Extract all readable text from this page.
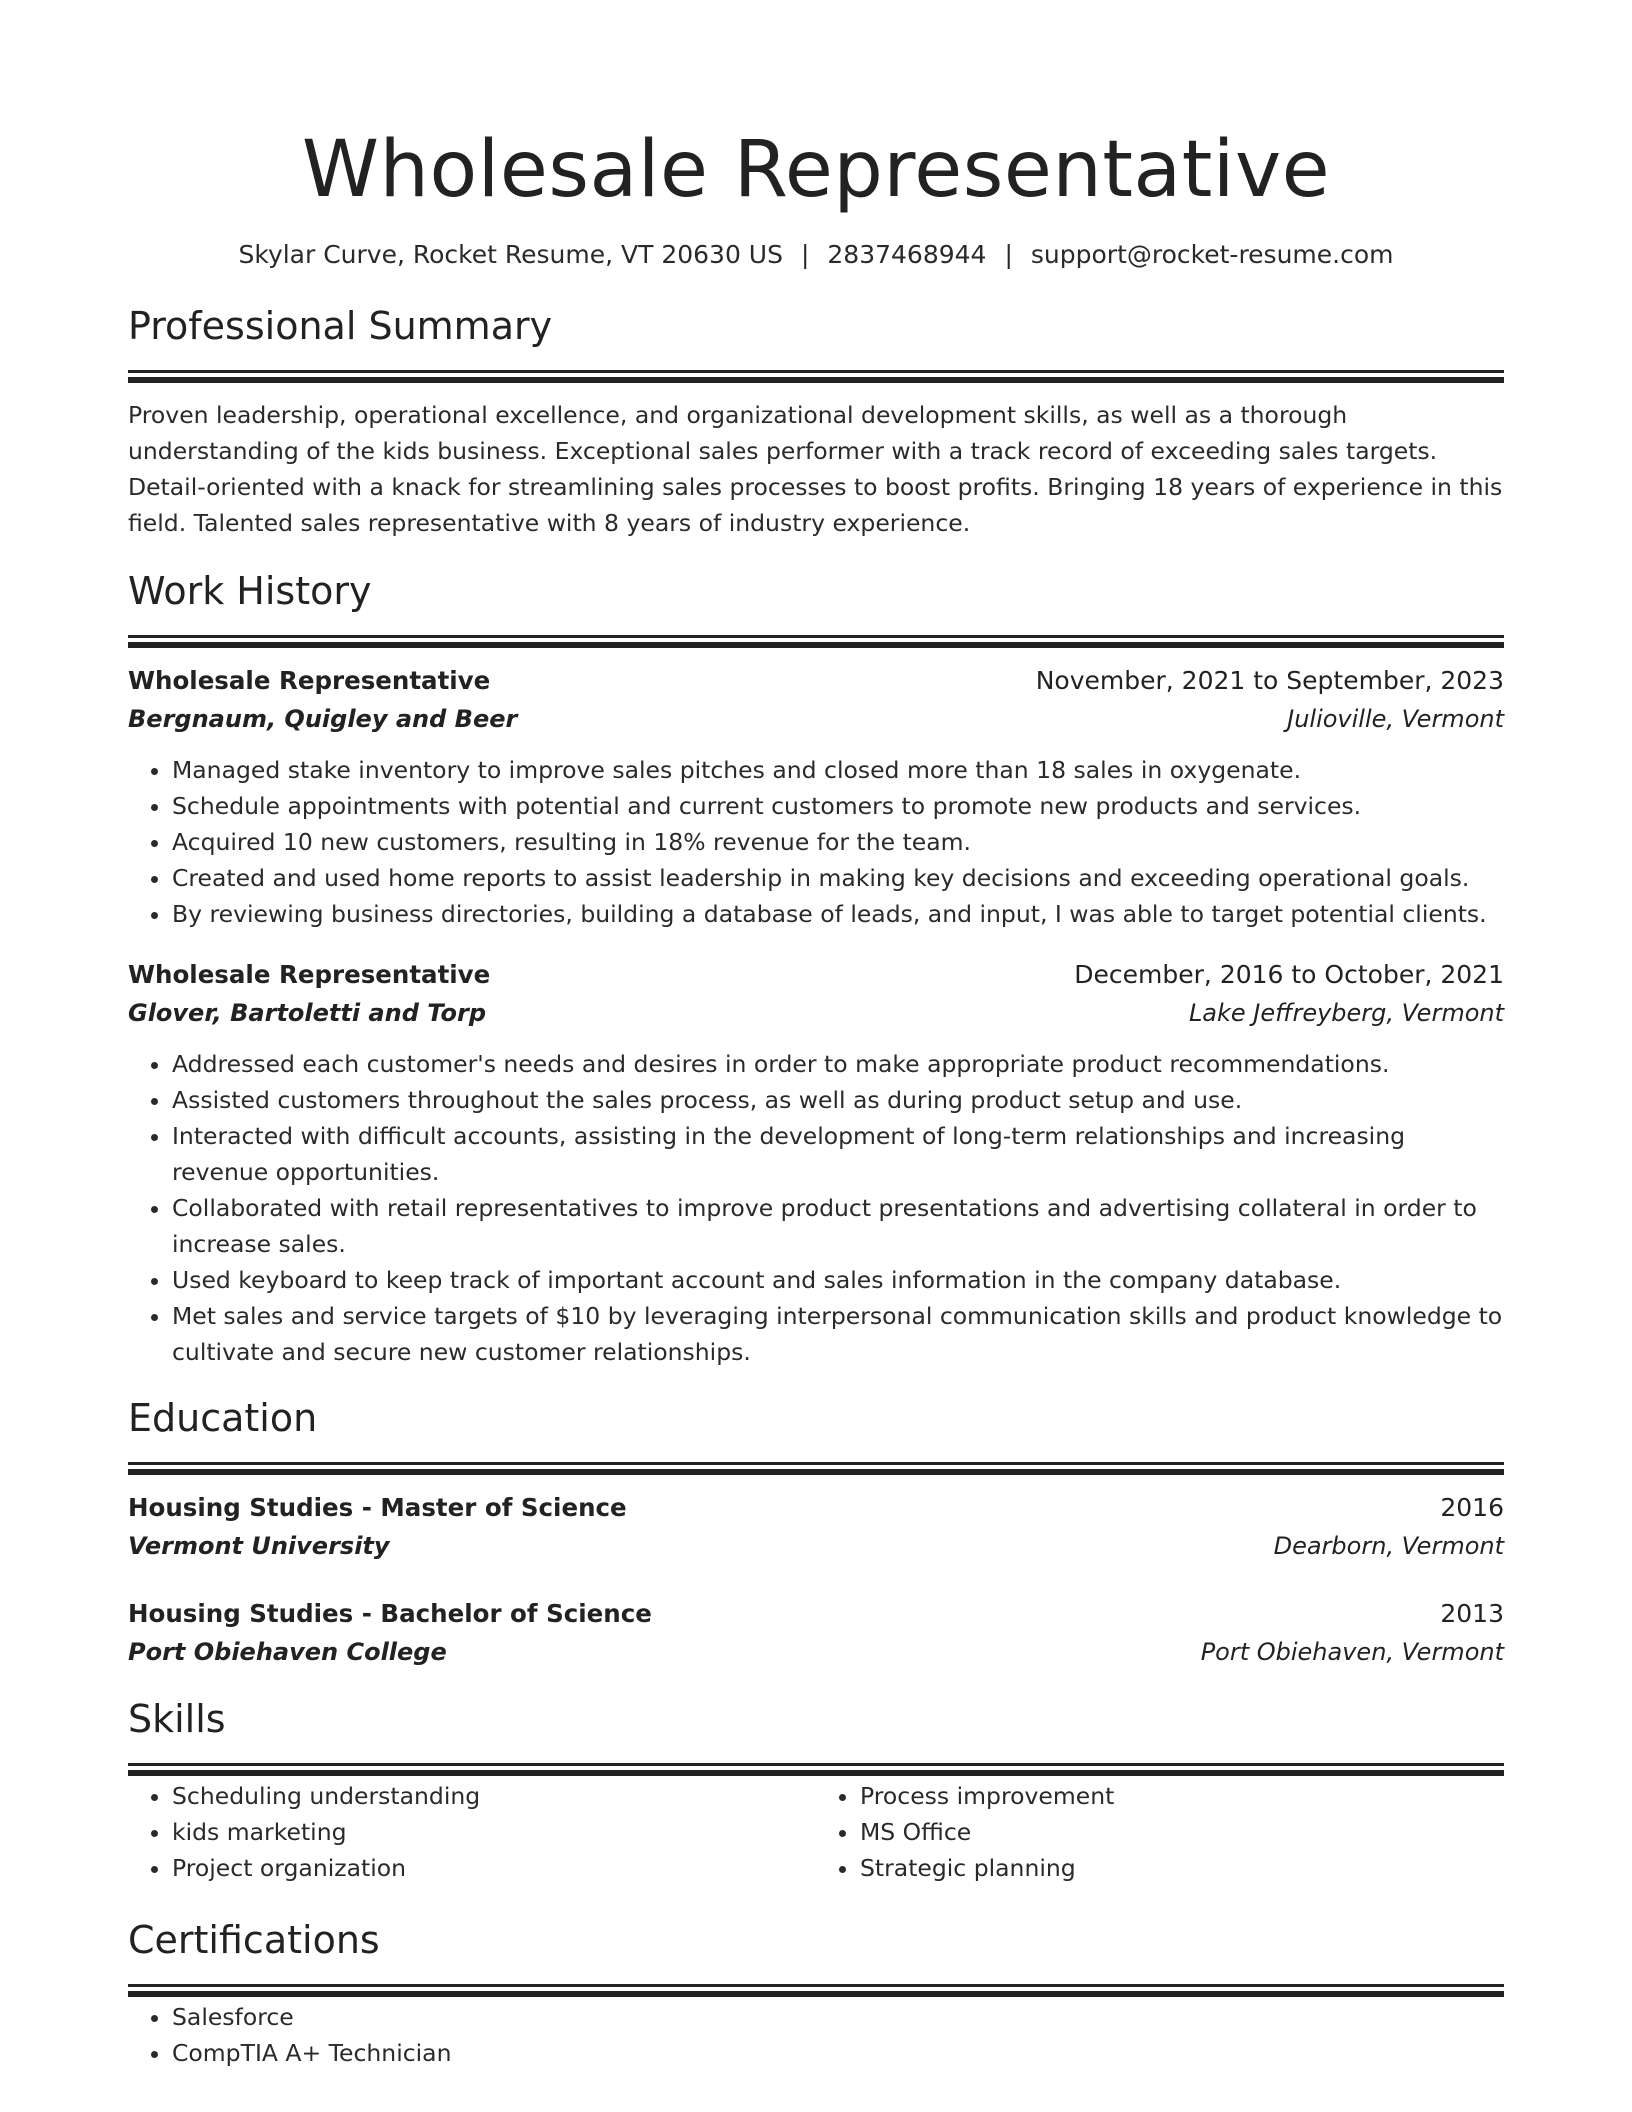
Wholesale Representative
Skylar Curve, Rocket Resume, VT 20630 US | 2837468944 | support@rocket-resume.com
Professional Summary
Proven leadership, operational excellence, and organizational development skills, as well as a thorough understanding of the kids business. Exceptional sales performer with a track record of exceeding sales targets. Detail-oriented with a knack for streamlining sales processes to boost profits. Bringing 18 years of experience in this field. Talented sales representative with 8 years of industry experience.
Work History
Wholesale Representative	November, 2021 to September, 2023
Bergnaum, Quigley and Beer	Julioville, Vermont
• Managed stake inventory to improve sales pitches and closed more than 18 sales in oxygenate.
• Schedule appointments with potential and current customers to promote new products and services.
• Acquired 10 new customers, resulting in 18% revenue for the team.
• Created and used home reports to assist leadership in making key decisions and exceeding operational goals.
• By reviewing business directories, building a database of leads, and input, I was able to target potential clients.
Wholesale Representative	December, 2016 to October, 2021
Glover, Bartoletti and Torp	Lake Jeffreyberg, Vermont
• Addressed each customer's needs and desires in order to make appropriate product recommendations.
• Assisted customers throughout the sales process, as well as during product setup and use.
• Interacted with difficult accounts, assisting in the development of long-term relationships and increasing revenue opportunities.
• Collaborated with retail representatives to improve product presentations and advertising collateral in order to increase sales.
• Used keyboard to keep track of important account and sales information in the company database.
• Met sales and service targets of $10 by leveraging interpersonal communication skills and product knowledge to cultivate and secure new customer relationships.
Education
Housing Studies - Master of Science	2016
Vermont University	Dearborn, Vermont
Housing Studies - Bachelor of Science	2013
Port Obiehaven College	Port Obiehaven, Vermont
Skills
• Scheduling understanding
• kids marketing
• Project organization
• Process improvement
• MS Office
• Strategic planning
Certifications
• Salesforce
• CompTIA A+ Technician
